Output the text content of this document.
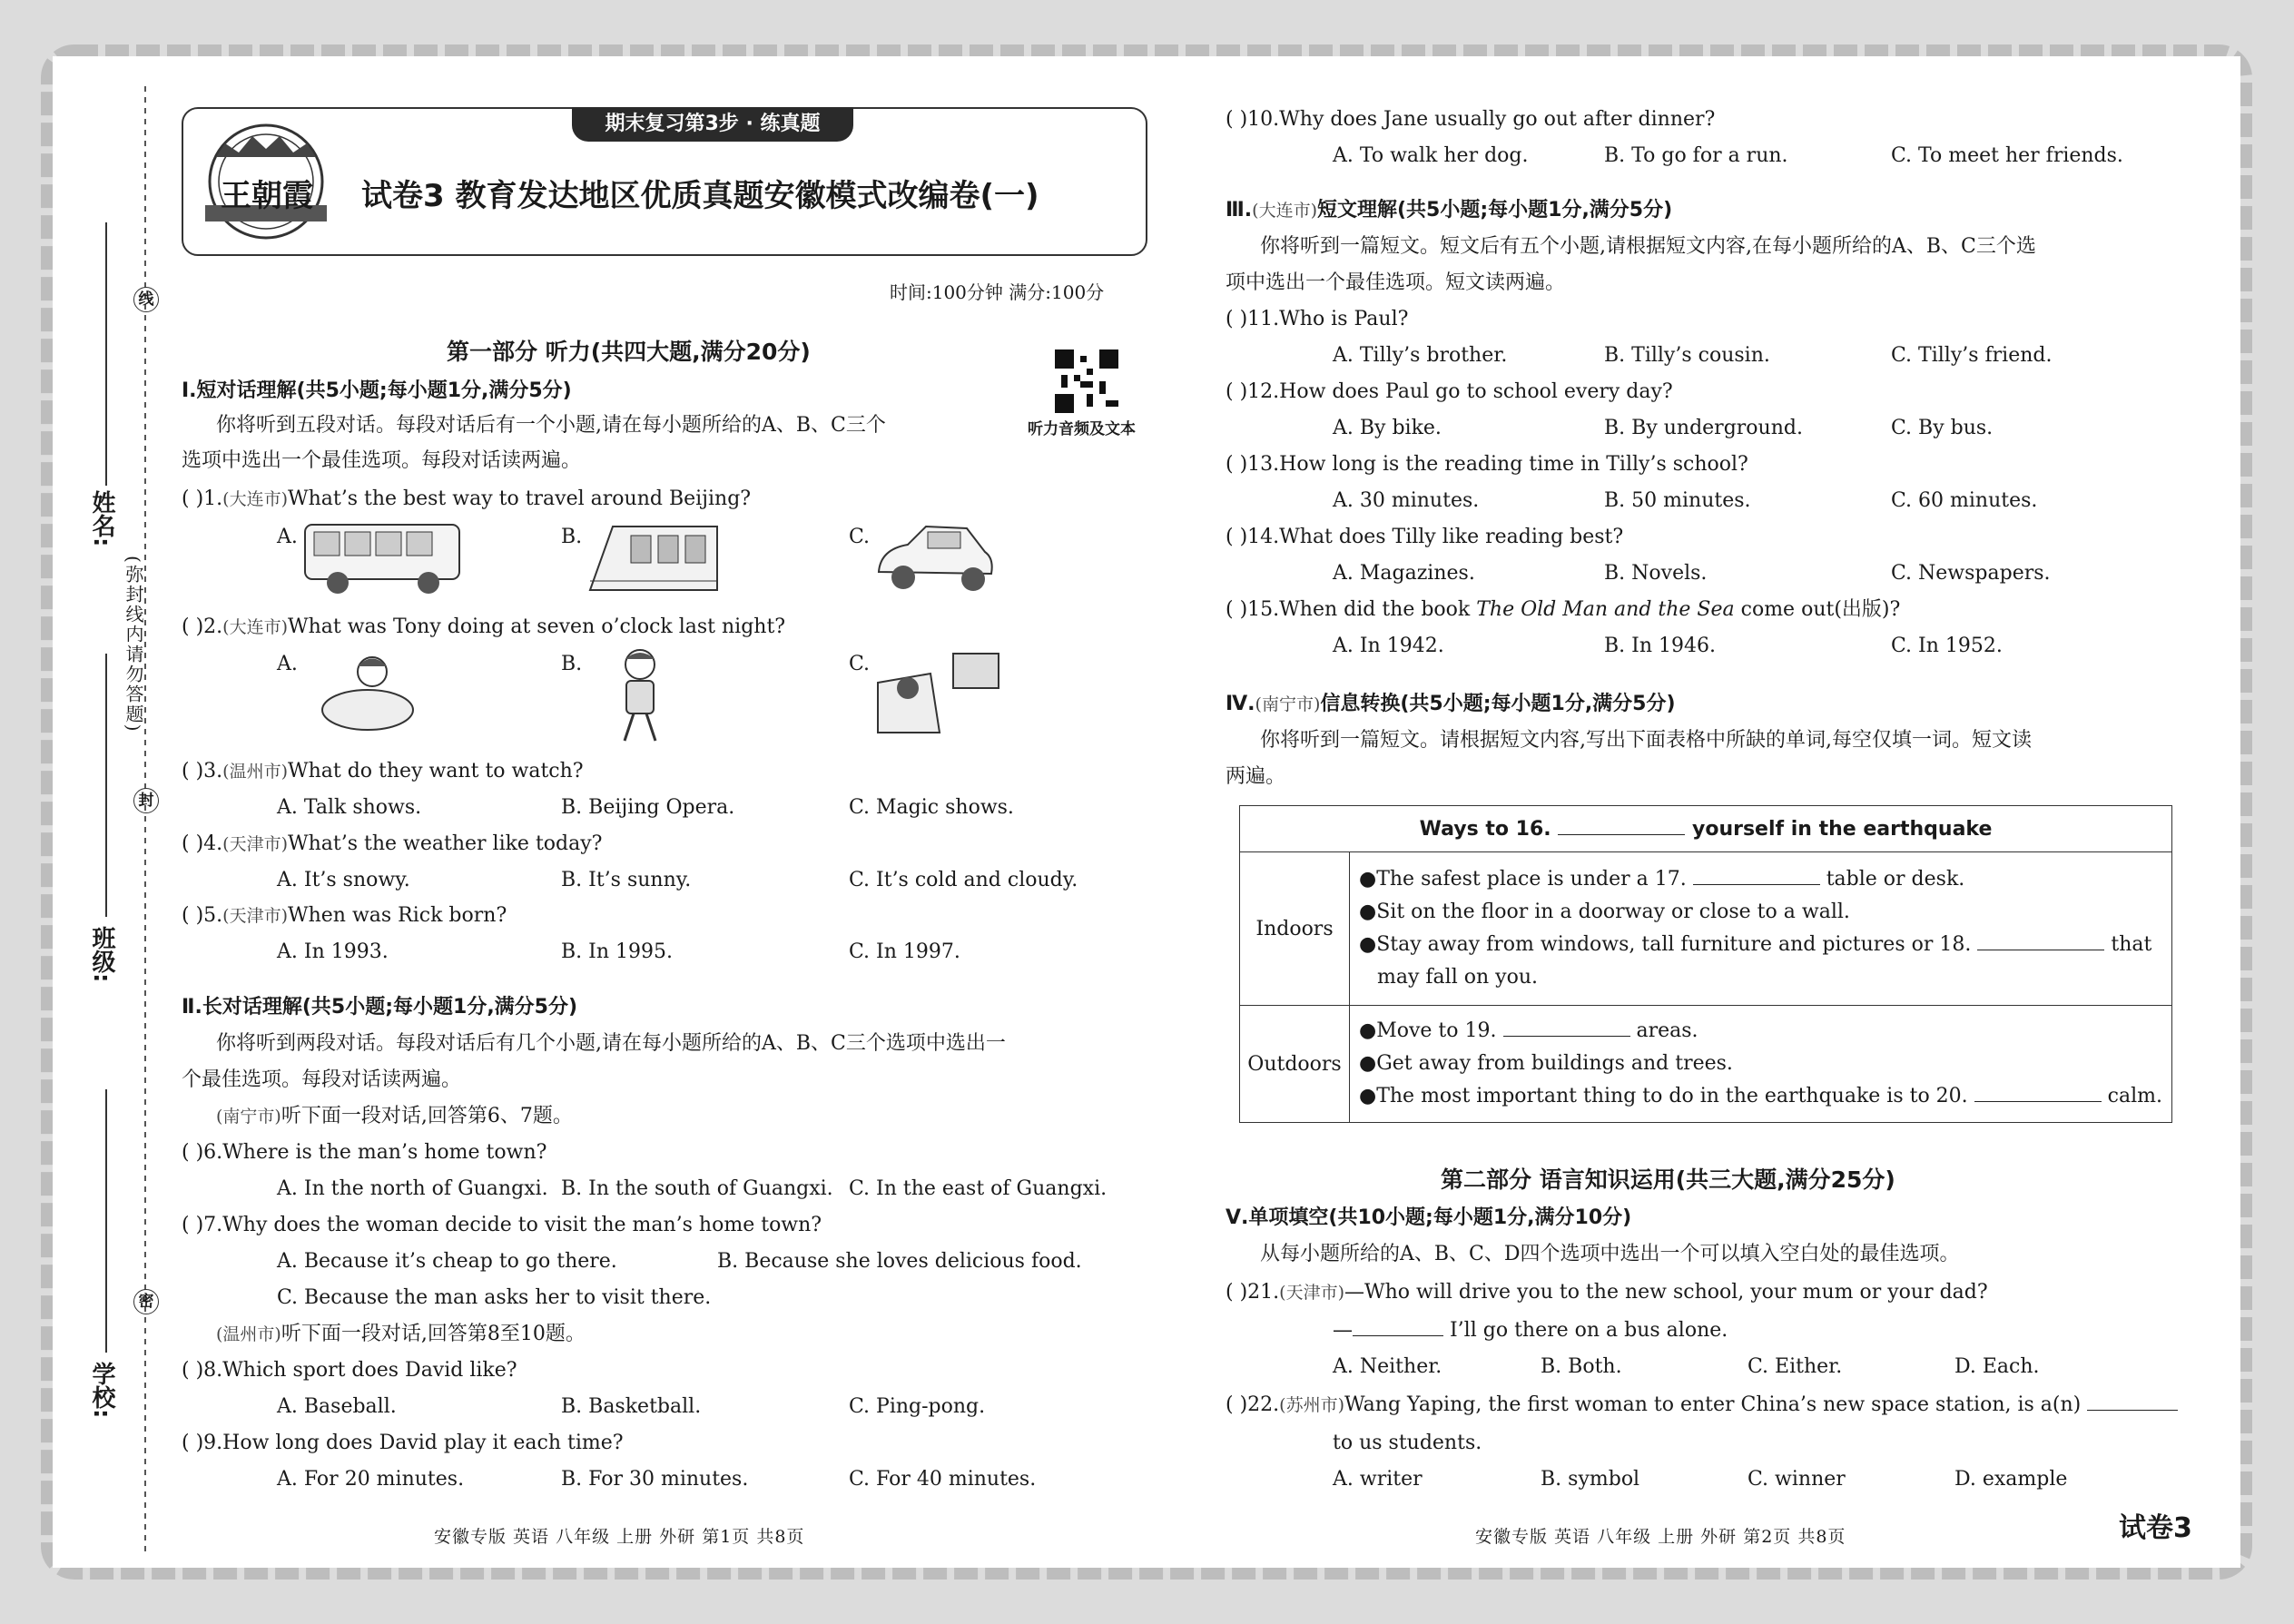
线
封
密
(弥封线内请勿答题)
姓名:
班级:
学校:
期末复习第3步 · 练真题
王朝霞 试卷3 教育发达地区优质真题安徽模式改编卷(一)
时间:100分钟 满分:100分
第一部分 听力(共四大题,满分20分)
听力音频及文本
Ⅰ.短对话理解(共5小题;每小题1分,满分5分)
你将听到五段对话。每段对话后有一个小题,请在每小题所给的A、B、C三个
选项中选出一个最佳选项。每段对话读两遍。
( )1.(大连市)What’s the best way to travel around Beijing?
A.	B.	C.
( )2.(大连市)What was Tony doing at seven o’clock last night?
A.	B.	C.
( )3.(温州市)What do they want to watch?
A. Talk shows.	B. Beijing Opera.	C. Magic shows.
( )4.(天津市)What’s the weather like today?
A. It’s snowy.	B. It’s sunny.	C. It’s cold and cloudy.
( )5.(天津市)When was Rick born?
A. In 1993.	B. In 1995.	C. In 1997.
Ⅱ.长对话理解(共5小题;每小题1分,满分5分)
你将听到两段对话。每段对话后有几个小题,请在每小题所给的A、B、C三个选项中选出一
个最佳选项。每段对话读两遍。
(南宁市)听下面一段对话,回答第6、7题。
( )6.Where is the man’s home town?
A. In the north of Guangxi. B. In the south of Guangxi. C. In the east of Guangxi.
( )7.Why does the woman decide to visit the man’s home town?
A. Because it’s cheap to go there.	B. Because she loves delicious food.
C. Because the man asks her to visit there.
(温州市)听下面一段对话,回答第8至10题。
( )8.Which sport does David like?
A. Baseball.	B. Basketball.	C. Ping-pong.
( )9.How long does David play it each time?
A. For 20 minutes.	B. For 30 minutes.	C. For 40 minutes.
安徽专版 英语 八年级 上册 外研 第1页 共8页
( )10.Why does Jane usually go out after dinner?
A. To walk her dog.	B. To go for a run.	C. To meet her friends.
Ⅲ.(大连市)短文理解(共5小题;每小题1分,满分5分)
你将听到一篇短文。短文后有五个小题,请根据短文内容,在每小题所给的A、B、C三个选
项中选出一个最佳选项。短文读两遍。
( )11.Who is Paul?
A. Tilly’s brother.	B. Tilly’s cousin.	C. Tilly’s friend.
( )12.How does Paul go to school every day?
A. By bike.	B. By underground.	C. By bus.
( )13.How long is the reading time in Tilly’s school?
A. 30 minutes.	B. 50 minutes.	C. 60 minutes.
( )14.What does Tilly like reading best?
A. Magazines.	B. Novels.	C. Newspapers.
( )15.When did the book The Old Man and the Sea come out(出版)?
A. In 1942.	B. In 1946.	C. In 1952.
Ⅳ.(南宁市)信息转换(共5小题;每小题1分,满分5分)
你将听到一篇短文。请根据短文内容,写出下面表格中所缺的单词,每空仅填一词。短文读
两遍。
Ways to 16. yourself in the earthquake	
Indoors	●The safest place is under a 17. table or desk.
●Sit on the floor in a doorway or close to a wall.
●Stay away from windows, tall furniture and pictures or 18. that
may fall on you.

Outdoors	●Move to 19. areas.
●Get away from buildings and trees.
●The most important thing to do in the earthquake is to 20. calm.
第二部分 语言知识运用(共三大题,满分25分)
Ⅴ.单项填空(共10小题;每小题1分,满分10分)
从每小题所给的A、B、C、D四个选项中选出一个可以填入空白处的最佳选项。
( )21.(天津市)—Who will drive you to the new school, your mum or your dad?
—	I’ll go there on a bus alone.
A. Neither.	B. Both.	C. Either.	D. Each.
( )22.(苏州市)Wang Yaping, the first woman to enter China’s new space station, is a(n)
to us students.
A. writer	B. symbol	C. winner	D. example
安徽专版 英语 八年级 上册 外研 第2页 共8页	试卷3
